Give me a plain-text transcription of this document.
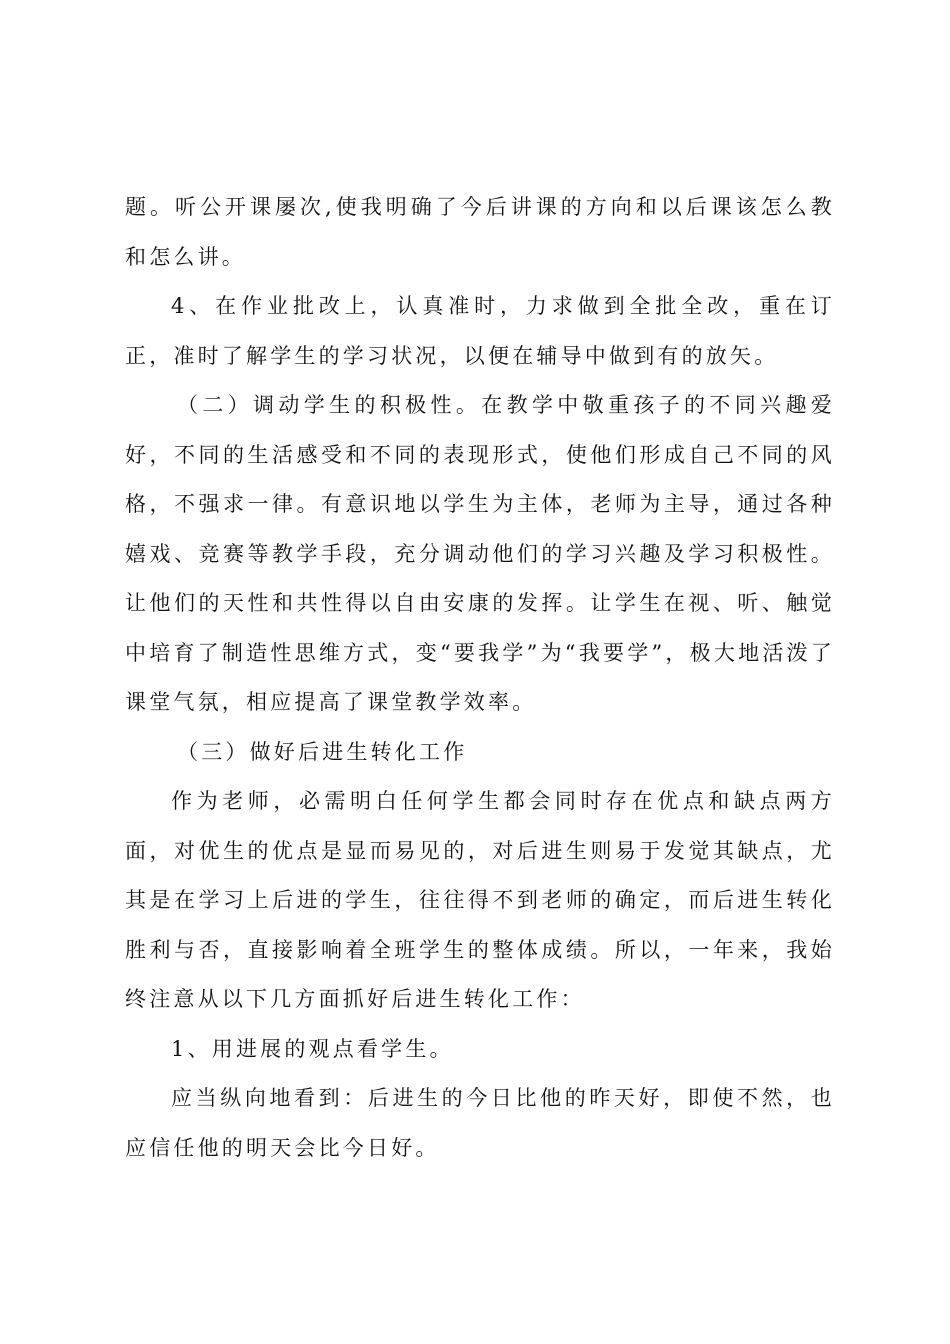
题。听公开课屡次,使我明确了今后讲课的方向和以后课该怎么教和怎么讲。

4、在作业批改上，认真准时，力求做到全批全改，重在订正，准时了解学生的学习状况，以便在辅导中做到有的放矢。

（二）调动学生的积极性。在教学中敬重孩子的不同兴趣爱好，不同的生活感受和不同的表现形式，使他们形成自己不同的风格，不强求一律。有意识地以学生为主体，老师为主导，通过各种嬉戏、竞赛等教学手段，充分调动他们的学习兴趣及学习积极性。让他们的天性和共性得以自由安康的发挥。让学生在视、听、触觉中培育了制造性思维方式，变“要我学”为“我要学”，极大地活泼了课堂气氛，相应提高了课堂教学效率。

（三）做好后进生转化工作

作为老师，必需明白任何学生都会同时存在优点和缺点两方面，对优生的优点是显而易见的，对后进生则易于发觉其缺点，尤其是在学习上后进的学生，往往得不到老师的确定，而后进生转化胜利与否，直接影响着全班学生的整体成绩。所以，一年来，我始终注意从以下几方面抓好后进生转化工作：

1、用进展的观点看学生。

应当纵向地看到：后进生的今日比他的昨天好，即使不然，也应信任他的明天会比今日好。
